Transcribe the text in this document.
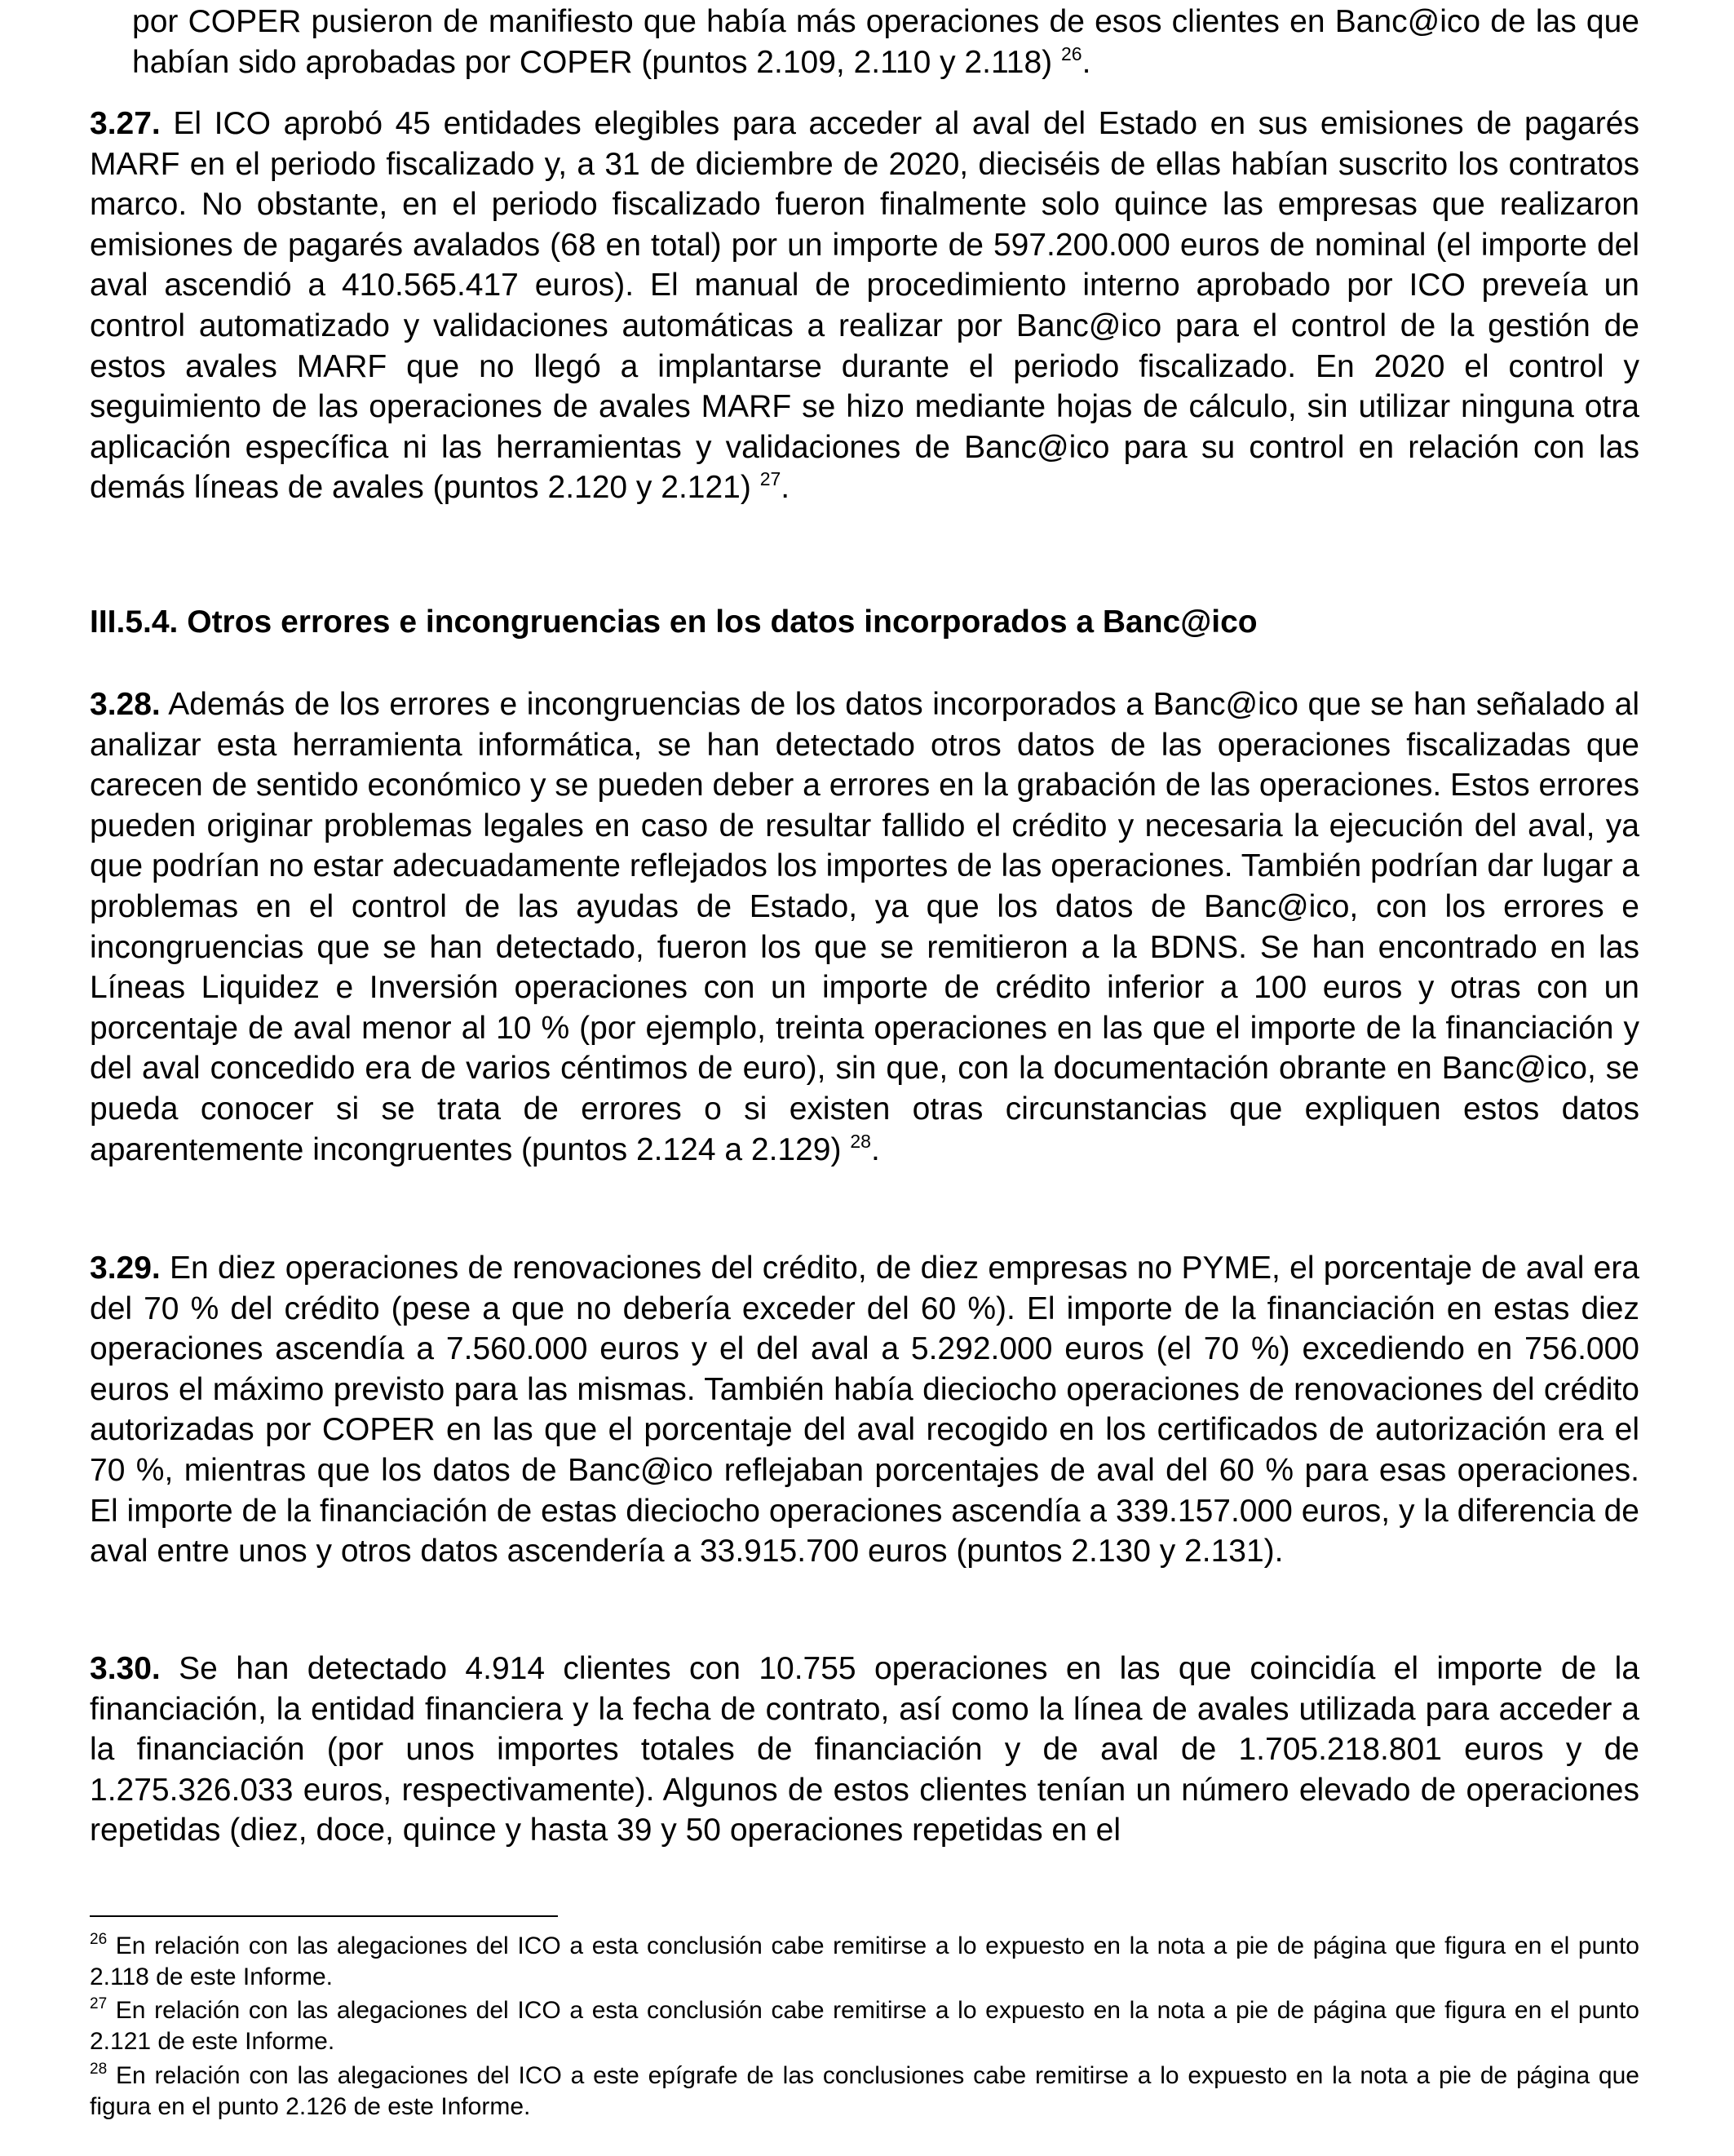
por COPER pusieron de manifiesto que había más operaciones de esos clientes en Banc@ico de las que habían sido aprobadas por COPER (puntos 2.109, 2.110 y 2.118) $^{26}$.

3.27. El ICO aprobó 45 entidades elegibles para acceder al aval del Estado en sus emisiones de pagarés MARF en el periodo fiscalizado y, a 31 de diciembre de 2020, dieciséis de ellas habían suscrito los contratos marco. No obstante, en el periodo fiscalizado fueron finalmente solo quince las empresas que realizaron emisiones de pagarés avalados (68 en total) por un importe de 597.200.000 euros de nominal (el importe del aval ascendió a 410.565.417 euros). El manual de procedimiento interno aprobado por ICO preveía un control automatizado y validaciones automáticas a realizar por Banc@ico para el control de la gestión de estos avales MARF que no llegó a implantarse durante el periodo fiscalizado. En 2020 el control y seguimiento de las operaciones de avales MARF se hizo mediante hojas de cálculo, sin utilizar ninguna otra aplicación específica ni las herramientas y validaciones de Banc@ico para su control en relación con las demás líneas de avales (puntos 2.120 y 2.121) $^{27}$.

III.5.4. Otros errores e incongruencias en los datos incorporados a Banc@ico

3.28. Además de los errores e incongruencias de los datos incorporados a Banc@ico que se han señalado al analizar esta herramienta informática, se han detectado otros datos de las operaciones fiscalizadas que carecen de sentido económico y se pueden deber a errores en la grabación de las operaciones. Estos errores pueden originar problemas legales en caso de resultar fallido el crédito y necesaria la ejecución del aval, ya que podrían no estar adecuadamente reflejados los importes de las operaciones. También podrían dar lugar a problemas en el control de las ayudas de Estado, ya que los datos de Banc@ico, con los errores e incongruencias que se han detectado, fueron los que se remitieron a la BDNS. Se han encontrado en las Líneas Liquidez e Inversión operaciones con un importe de crédito inferior a 100 euros y otras con un porcentaje de aval menor al 10 % (por ejemplo, treinta operaciones en las que el importe de la financiación y del aval concedido era de varios céntimos de euro), sin que, con la documentación obrante en Banc@ico, se pueda conocer si se trata de errores o si existen otras circunstancias que expliquen estos datos aparentemente incongruentes (puntos 2.124 a 2.129) $^{28}$.

3.29. En diez operaciones de renovaciones del crédito, de diez empresas no PYME, el porcentaje de aval era del 70 % del crédito (pese a que no debería exceder del 60 %). El importe de la financiación en estas diez operaciones ascendía a 7.560.000 euros y el del aval a 5.292.000 euros (el 70 %) excediendo en 756.000 euros el máximo previsto para las mismas. También había dieciocho operaciones de renovaciones del crédito autorizadas por COPER en las que el porcentaje del aval recogido en los certificados de autorización era el 70 %, mientras que los datos de Banc@ico reflejaban porcentajes de aval del 60 % para esas operaciones. El importe de la financiación de estas dieciocho operaciones ascendía a 339.157.000 euros, y la diferencia de aval entre unos y otros datos ascendería a 33.915.700 euros (puntos 2.130 y 2.131).

3.30. Se han detectado 4.914 clientes con 10.755 operaciones en las que coincidía el importe de la financiación, la entidad financiera y la fecha de contrato, así como la línea de avales utilizada para acceder a la financiación (por unos importes totales de financiación y de aval de 1.705.218.801 euros y de 1.275.326.033 euros, respectivamente). Algunos de estos clientes tenían un número elevado de operaciones repetidas (diez, doce, quince y hasta 39 y 50 operaciones repetidas en el

$^{26}$ En relación con las alegaciones del ICO a esta conclusión cabe remitirse a lo expuesto en la nota a pie de página que figura en el punto 2.118 de este Informe.

$^{27}$ En relación con las alegaciones del ICO a esta conclusión cabe remitirse a lo expuesto en la nota a pie de página que figura en el punto 2.121 de este Informe.

$^{28}$ En relación con las alegaciones del ICO a este epígrafe de las conclusiones cabe remitirse a lo expuesto en la nota a pie de página que figura en el punto 2.126 de este Informe.
